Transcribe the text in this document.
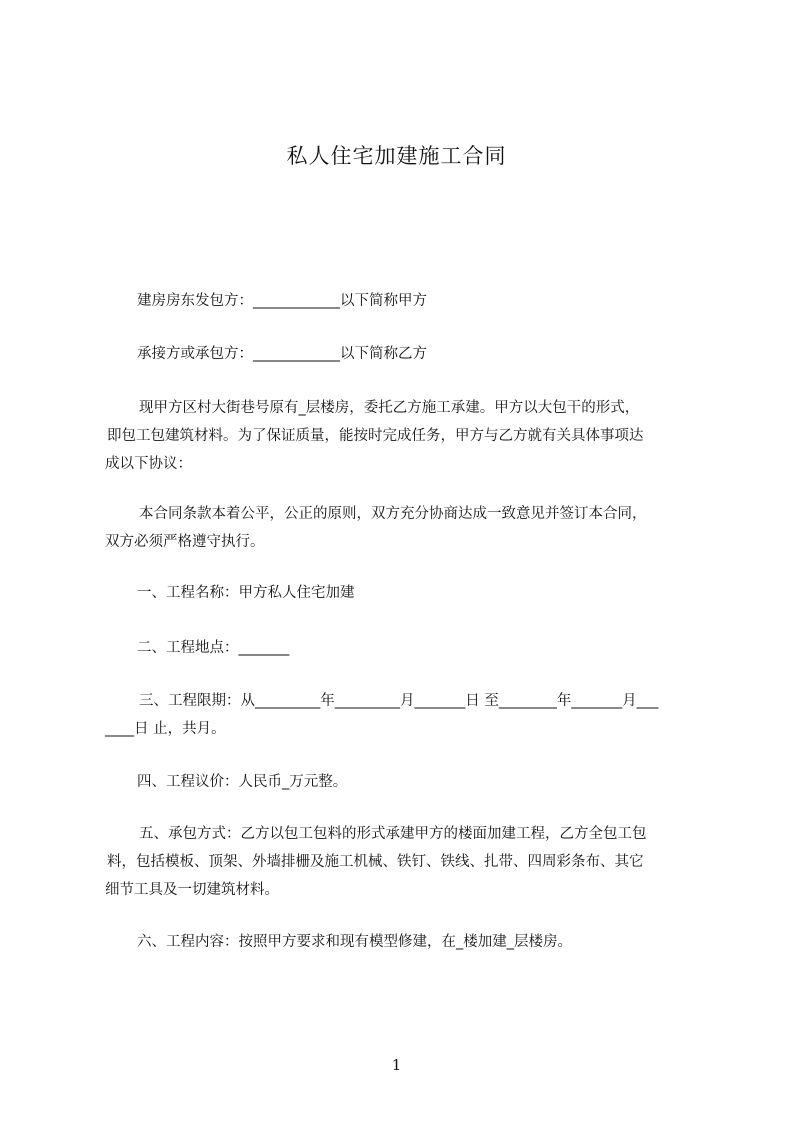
私人住宅加建施工合同

建房房东发包方：____________以下简称甲方

承接方或承包方：____________以下简称乙方

现甲方区村大街巷号原有_层楼房，委托乙方施工承建。甲方以大包干的形式，
即包工包建筑材料。为了保证质量，能按时完成任务，甲方与乙方就有关具体事项达
成以下协议：
本合同条款本着公平，公正的原则，双方充分协商达成一致意见并签订本合同，
双方必须严格遵守执行。

一、工程名称：甲方私人住宅加建

二、工程地点：_______

三、工程限期：从_________年_________月_______日 至________年_______月___
____日 止，共月。

四、工程议价：人民币_万元整。

五、承包方式：乙方以包工包料的形式承建甲方的楼面加建工程，乙方全包工包
料，包括模板、顶架、外墙排栅及施工机械、铁钉、铁线、扎带、四周彩条布、其它
细节工具及一切建筑材料。

六、工程内容：按照甲方要求和现有模型修建，在_楼加建_层楼房。

1
